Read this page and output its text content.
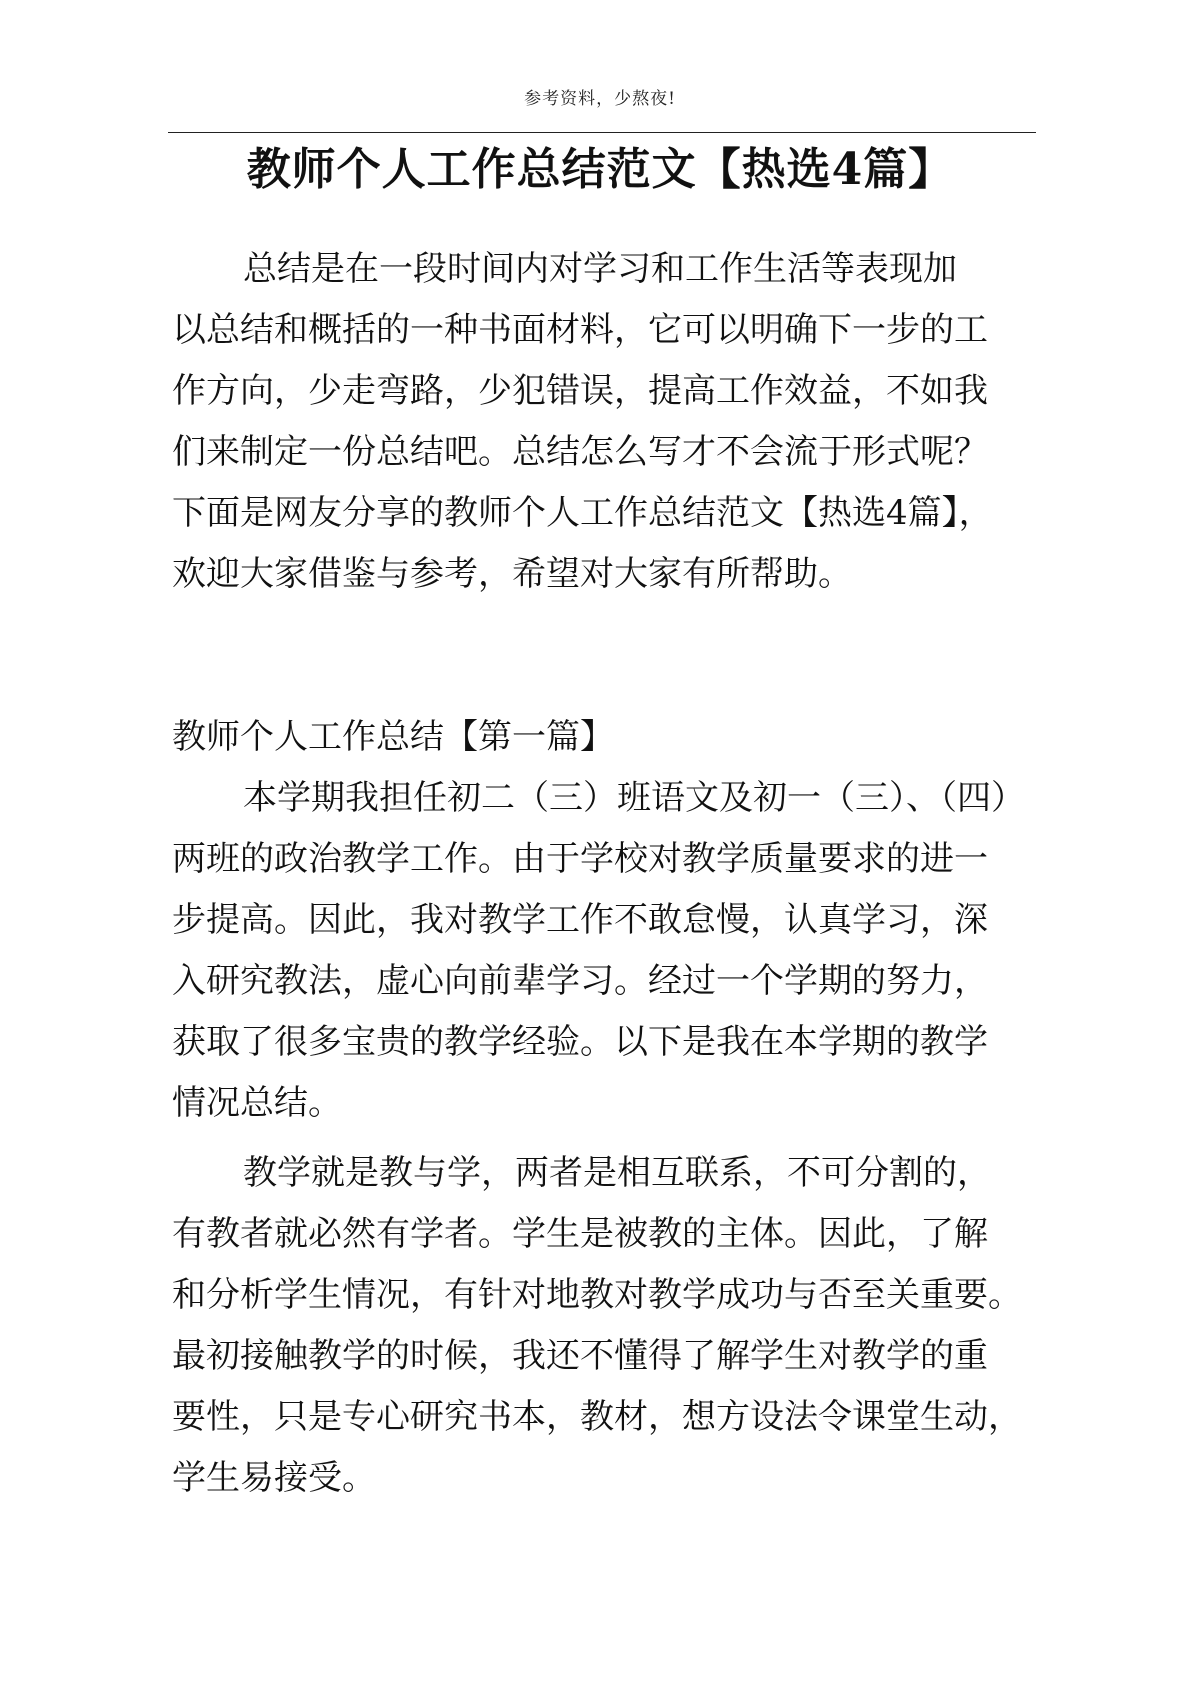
参考资料，少熬夜!
教师个人工作总结范文【热选4篇】
总结是在一段时间内对学习和工作生活等表现加
以总结和概括的一种书面材料，它可以明确下一步的工
作方向，少走弯路，少犯错误，提高工作效益，不如我
们来制定一份总结吧。总结怎么写才不会流于形式呢？
下面是网友分享的教师个人工作总结范文【热选4篇】，
欢迎大家借鉴与参考，希望对大家有所帮助。
教师个人工作总结【第一篇】
本学期我担任初二（三）班语文及初一（三）、（四）
两班的政治教学工作。由于学校对教学质量要求的进一
步提高。因此，我对教学工作不敢怠慢，认真学习，深
入研究教法，虚心向前辈学习。经过一个学期的努力，
获取了很多宝贵的教学经验。以下是我在本学期的教学
情况总结。
教学就是教与学，两者是相互联系，不可分割的，
有教者就必然有学者。学生是被教的主体。因此，了解
和分析学生情况，有针对地教对教学成功与否至关重要。
最初接触教学的时候，我还不懂得了解学生对教学的重
要性，只是专心研究书本，教材，想方设法令课堂生动，
学生易接受。
